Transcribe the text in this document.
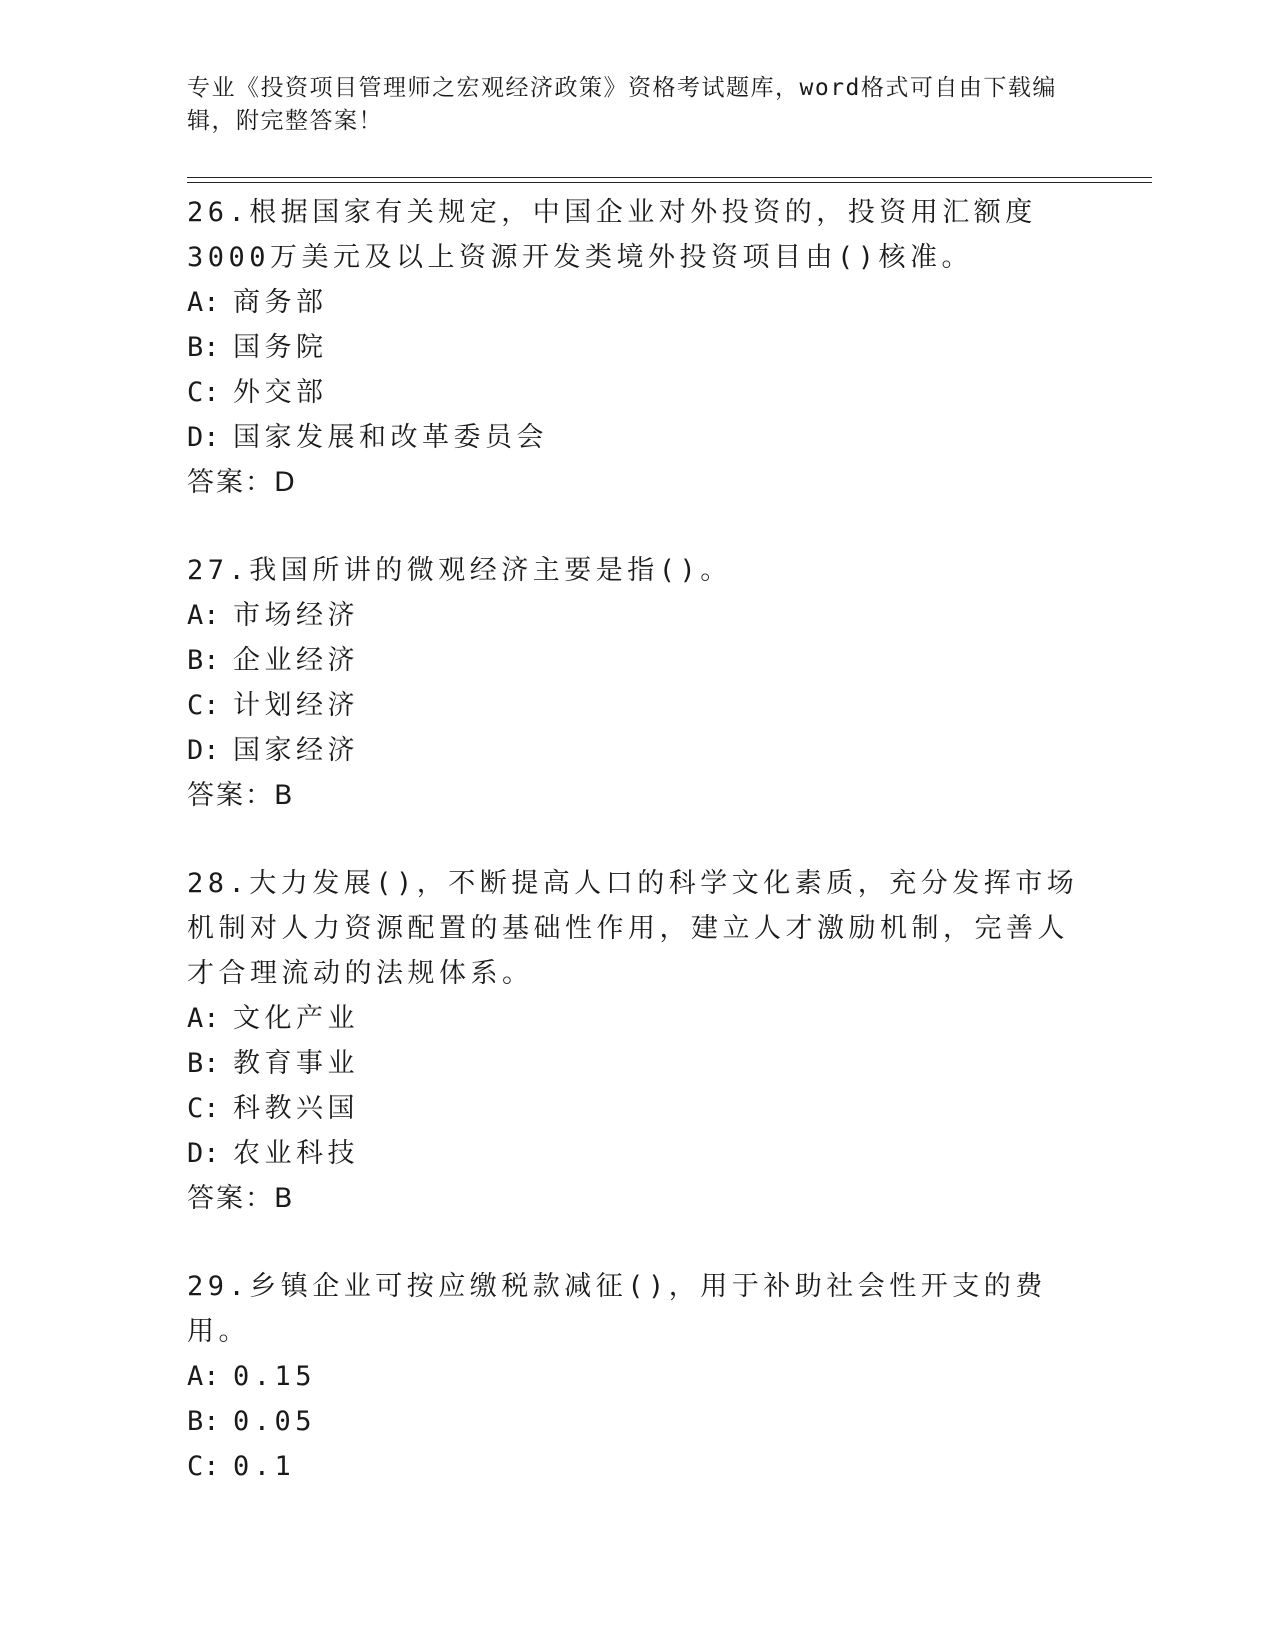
专业《投资项目管理师之宏观经济政策》资格考试题库，word格式可自由下载编辑，附完整答案！

26.根据国家有关规定，中国企业对外投资的，投资用汇额度3000万美元及以上资源开发类境外投资项目由()核准。

A: 商务部

B: 国务院

C: 外交部

D: 国家发展和改革委员会

答案：D

27.我国所讲的微观经济主要是指()。

A: 市场经济

B: 企业经济

C: 计划经济

D: 国家经济

答案：B

28.大力发展()，不断提高人口的科学文化素质，充分发挥市场机制对人力资源配置的基础性作用，建立人才激励机制，完善人才合理流动的法规体系。

A: 文化产业

B: 教育事业

C: 科教兴国

D: 农业科技

答案：B

29.乡镇企业可按应缴税款减征()，用于补助社会性开支的费用。

A: 0.15

B: 0.05

C: 0.1
